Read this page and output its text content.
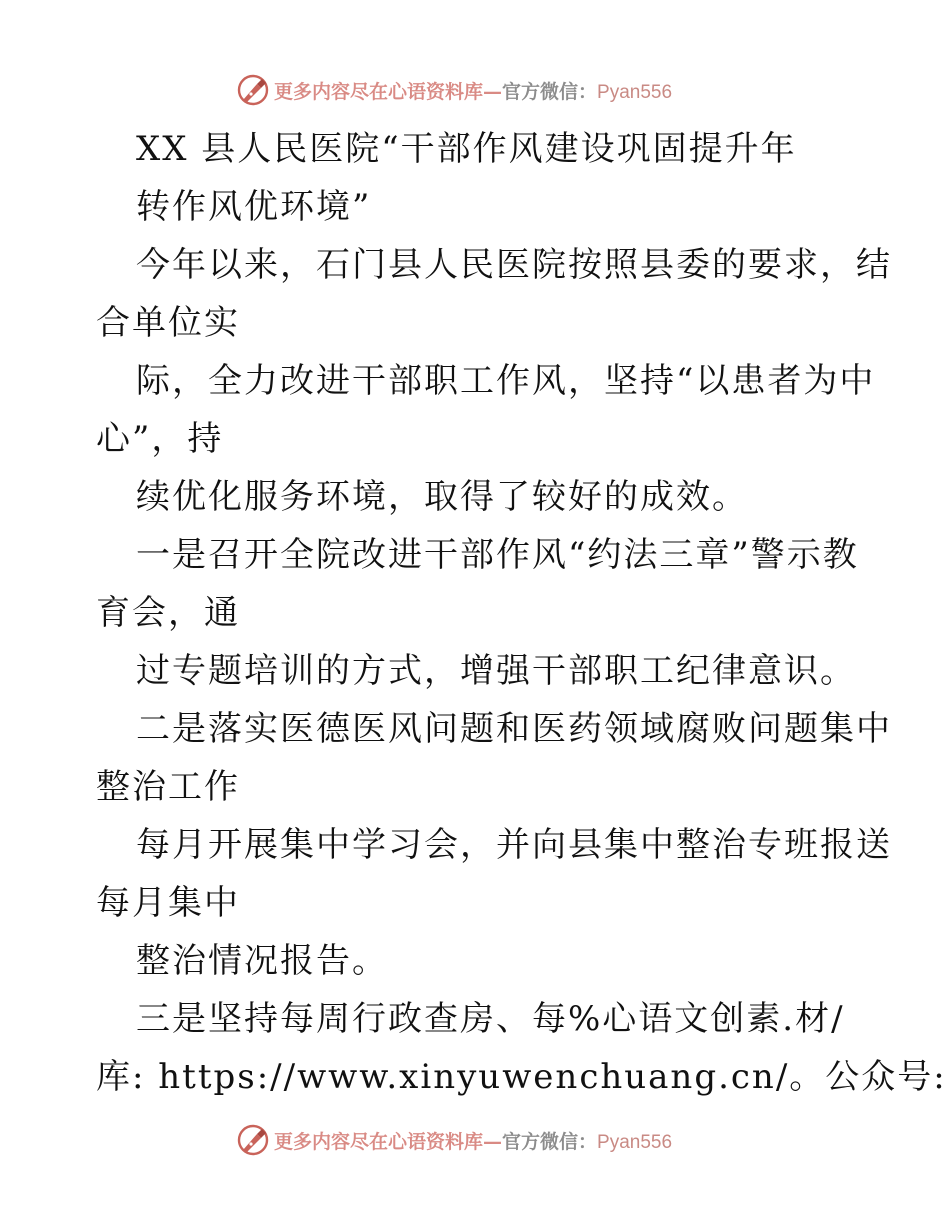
更多内容尽在心语资料库—官方微信：Pyan556
XX 县人民医院“干部作风建设巩固提升年
转作风优环境”
今年以来，石门县人民医院按照县委的要求，结
合单位实
际，全力改进干部职工作风，坚持“以患者为中
心”，持
续优化服务环境，取得了较好的成效。
一是召开全院改进干部作风“约法三章”警示教
育会，通
过专题培训的方式，增强干部职工纪律意识。
二是落实医德医风问题和医药领域腐败问题集中
整治工作
每月开展集中学习会，并向县集中整治专班报送
每月集中
整治情况报告。
三是坚持每周行政查房、每%心语文创素.材/
库: https://www.xinyuwenchuang.cn/。公众号:
更多内容尽在心语资料库—官方微信：Pyan556
